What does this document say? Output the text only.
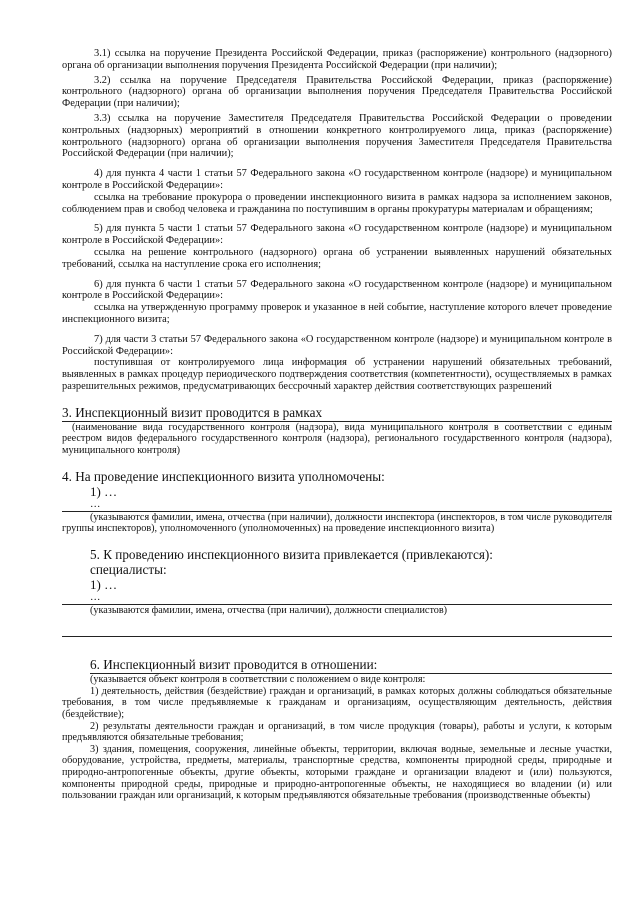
3.1) ссылка на поручение Президента Российской Федерации, приказ (распоряжение) контрольного (надзорного) органа об организации выполнения поручения Президента Российской Федерации (при наличии);

3.2) ссылка на поручение Председателя Правительства Российской Федерации, приказ (распоряжение) контрольного (надзорного) органа об организации выполнения поручения Председателя Правительства Российской Федерации (при наличии);

3.3) ссылка на поручение Заместителя Председателя Правительства Российской Федерации о проведении контрольных (надзорных) мероприятий в отношении конкретного контролируемого лица, приказ (распоряжение) контрольного (надзорного) органа об организации выполнения поручения Заместителя Председателя Правительства Российской Федерации (при наличии);

4) для пункта 4 части 1 статьи 57 Федерального закона «О государственном контроле (надзоре) и муниципальном контроле в Российской Федерации»:

ссылка на требование прокурора о проведении инспекционного визита в рамках надзора за исполнением законов, соблюдением прав и свобод человека и гражданина по поступившим в органы прокуратуры материалам и обращениям;

5) для пункта 5 части 1 статьи 57 Федерального закона «О государственном контроле (надзоре) и муниципальном контроле в Российской Федерации»:

ссылка на решение контрольного (надзорного) органа об устранении выявленных нарушений обязательных требований, ссылка на наступление срока его исполнения;

6) для пункта 6 части 1 статьи 57 Федерального закона «О государственном контроле (надзоре) и муниципальном контроле в Российской Федерации»:

ссылка на утвержденную программу проверок и указанное в ней событие, наступление которого влечет проведение инспекционного визита;

7) для части 3 статьи 57 Федерального закона «О государственном контроле (надзоре) и муниципальном контроле в Российской Федерации»:

поступившая от контролируемого лица информация об устранении нарушений обязательных требований, выявленных в рамках процедур периодического подтверждения соответствия (компетентности), осуществляемых в рамках разрешительных режимов, предусматривающих бессрочный характер действия соответствующих разрешений

3. Инспекционный визит проводится в рамках

(наименование вида государственного контроля (надзора), вида муниципального контроля в соответствии с единым реестром видов федерального государственного контроля (надзора), регионального государственного контроля (надзора), муниципального контроля)

4. На проведение инспекционного визита уполномочены:
1) …
…

(указываются фамилии, имена, отчества (при наличии), должности инспектора (инспекторов, в том числе руководителя группы инспекторов), уполномоченного (уполномоченных) на проведение инспекционного визита)

5. К проведению инспекционного визита привлекается (привлекаются):
специалисты:
1) …
…

(указываются фамилии, имена, отчества (при наличии), должности специалистов)

6. Инспекционный визит проводится в отношении:

(указывается объект контроля в соответствии с положением о виде контроля:

1) деятельность, действия (бездействие) граждан и организаций, в рамках которых должны соблюдаться обязательные требования, в том числе предъявляемые к гражданам и организациям, осуществляющим деятельность, действия (бездействие);

2) результаты деятельности граждан и организаций, в том числе продукция (товары), работы и услуги, к которым предъявляются обязательные требования;

3) здания, помещения, сооружения, линейные объекты, территории, включая водные, земельные и лесные участки, оборудование, устройства, предметы, материалы, транспортные средства, компоненты природной среды, природные и природно-антропогенные объекты, другие объекты, которыми граждане и организации владеют и (или) пользуются, компоненты природной среды, природные и природно-антропогенные объекты, не находящиеся во владении (и) или пользовании граждан или организаций, к которым предъявляются обязательные требования (производственные объекты)
